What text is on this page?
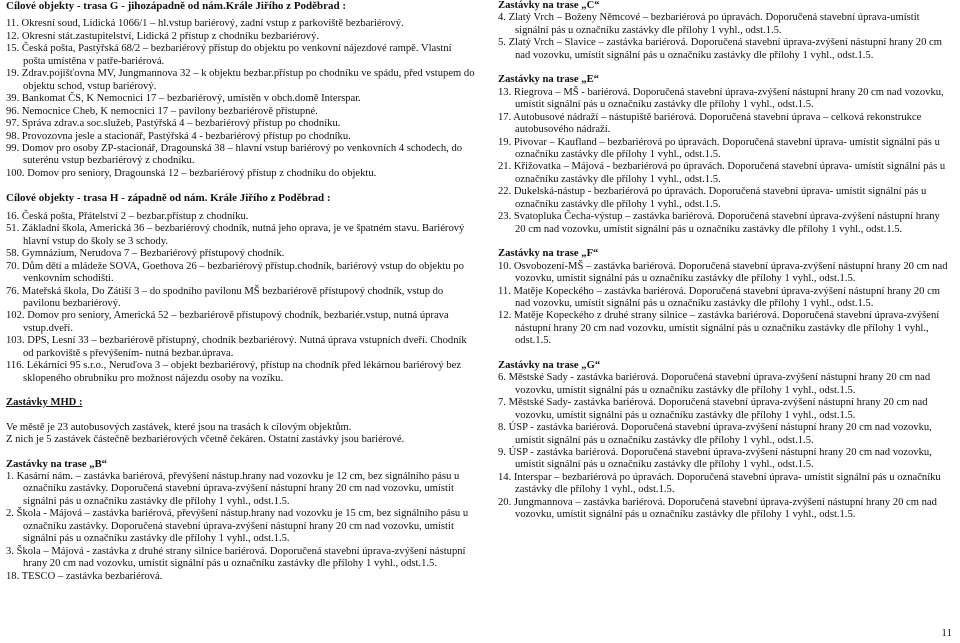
Cílové objekty - trasa G - jihozápadně od nám.Krále Jiřího z Poděbrad :
11. Okresní soud, Lidická 1066/1 – hl.vstup bariérový, zadní vstup z parkoviště bezbariérový.
12. Okresní stát.zastupitelství, Lidická 2 přístup z chodníku bezbariérový.
15. Česká pošta, Pastýřská 68/2 – bezbariérový přístup do objektu po venkovní nájezdové rampě. Vlastní pošta umístěna v patře-bariérová.
19. Zdrav.pojišťovna MV, Jungmannova 32 – k objektu bezbar.přístup po chodníku ve spádu, před vstupem do objektu schod, vstup bariérový.
39. Bankomat ČS, K Nemocnici 17 – bezbariérový, umístěn v obch.domě Interspar.
96. Nemocnice Cheb, K nemocnici 17 – pavilony bezbariérově přístupné.
97. Správa zdrav.a soc.služeb, Pastýřská 4 – bezbariérový přístup po chodníku.
98. Provozovna jesle a stacionář, Pastýřská 4 - bezbariérový přístup po chodníku.
99. Domov pro osoby ZP-stacionář, Dragounská 38 – hlavní vstup bariérový po venkovních 4 schodech, do suterénu vstup bezbariérový z chodníku.
100. Domov pro seniory, Dragounská 12 – bezbariérový přístup z chodníku do objektu.
Cílové objekty - trasa H - západně od nám. Krále Jiřího z Poděbrad :
16. Česká pošta, Přátelství 2 – bezbar.přístup z chodníku.
51. Základní škola, Americká 36 – bezbariérový chodník, nutná jeho oprava, je ve špatném stavu. Bariérový hlavní vstup do školy se 3 schody.
58. Gymnázium, Nerudova 7 – Bezbariérový přístupový chodník.
70. Dům dětí a mládeže SOVA, Goethova 26 – bezbariérový přístup.chodník, bariérový vstup do objektu po venkovním schodišti.
76. Mateřská škola, Do Zátiší 3 – do spodního pavilonu MŠ bezbariérově přístupový chodník, vstup do pavilonu bezbariérový.
102. Domov pro seniory, Americká 52 – bezbariérově přístupový chodník, bezbariér.vstup, nutná úprava vstup.dveří.
103. DPS, Lesní 33 – bezbariérově přístupný, chodník bezbariérový. Nutná úprava vstupních dveří. Chodník od parkoviště s převýšením- nutná bezbar.úprava.
116. Lékárníci 95 s.r.o., Neruďova 3 – objekt bezbariérový, přístup na chodník před lékárnou bariérový bez sklopeného obrubníku pro možnost nájezdu osoby na vozíku.
Zastávky MHD :
Ve městě je 23 autobusových zastávek, které jsou na trasách k cílovým objektům.
Z nich je 5 zastávek částečně bezbariérových včetně čekáren. Ostatní zastávky jsou bariérové.
Zastávky na trase „B“
1. Kasární nám. – zastávka bariérová, převýšení nástup.hrany nad vozovku je 12 cm, bez signálního pásu u označníku zastávky. Doporučená stavební úprava-zvýšení nástupní hrany 20 cm nad vozovku, umístit signální pás u označníku zastávky dle přílohy 1 vyhl., odst.1.5.
2. Škola - Májová – zastávka bariérová, převýšení nástup.hrany nad vozovku je 15 cm, bez signálního pásu u označníku zastávky. Doporučená stavební úprava-zvýšení nástupní hrany 20 cm nad vozovku, umístit signální pás u označníku zastávky dle přílohy 1 vyhl., odst.1.5.
3. Škola – Májová - zastávka z druhé strany silnice bariérová. Doporučená stavební úprava-zvýšení nástupní hrany 20 cm nad vozovku, umístit signální pás u označníku zastávky dle přílohy 1 vyhl., odst.1.5.
18. TESCO – zastávka bezbariérová.
Zastávky na trase „C“
4. Zlatý Vrch – Boženy Němcové – bezbariérová po úpravách. Doporučená stavební úprava-umístit signální pás u označníku zastávky dle přílohy 1 vyhl., odst.1.5.
5. Zlatý Vrch – Slavice – zastávka bariérová. Doporučená stavební úprava-zvýšení nástupní hrany 20 cm nad vozovku, umístit signální pás u označníku zastávky dle přílohy 1 vyhl., odst.1.5.
Zastávky na trase „E“
13. Riegrova – MŠ - bariérová. Doporučená stavební úprava-zvýšení nástupní hrany 20 cm nad vozovku, umístit signální pás u označníku zastávky dle přílohy 1 vyhl., odst.1.5.
17. Autobusové nádraží – nástupiště bariérová. Doporučená stavební úprava – celková rekonstrukce autobusového nádraží.
19. Pivovar – Kaufland – bezbariérová po úpravách. Doporučená stavební úprava- umístit signální pás u označníku zastávky dle přílohy 1 vyhl., odst.1.5.
21. Křižovatka – Májová - bezbariérová po úpravách. Doporučená stavební úprava- umístit signální pás u označníku zastávky dle přílohy 1 vyhl., odst.1.5.
22. Dukelská-nástup - bezbariérová po úpravách. Doporučená stavební úprava- umístit signální pás u označníku zastávky dle přílohy 1 vyhl., odst.1.5.
23. Svatopluka Čecha-výstup – zastávka bariérová. Doporučená stavební úprava-zvýšení nástupní hrany 20 cm nad vozovku, umístit signální pás u označníku zastávky dle přílohy 1 vyhl., odst.1.5.
Zastávky na trase „F“
10. Osvobození-MŠ – zastávka bariérová. Doporučená stavební úprava-zvýšení nástupní hrany 20 cm nad vozovku, umístit signální pás u označníku zastávky dle přílohy 1 vyhl., odst.1.5.
11. Matěje Kopeckého – zastávka bariérová. Doporučená stavební úprava-zvýšení nástupní hrany 20 cm nad vozovku, umístit signální pás u označníku zastávky dle přílohy 1 vyhl., odst.1.5.
12. Matěje Kopeckého z druhé strany silnice – zastávka bariérová. Doporučená stavební úprava-zvýšení nástupní hrany 20 cm nad vozovku, umístit signální pás u označníku zastávky dle přílohy 1 vyhl., odst.1.5.
Zastávky na trase „G“
6. Městské Sady - zastávka bariérová. Doporučená stavební úprava-zvýšení nástupní hrany 20 cm nad vozovku, umístit signální pás u označníku zastávky dle přílohy 1 vyhl., odst.1.5.
7. Městské Sady- zastávka bariérová. Doporučená stavební úprava-zvýšení nástupní hrany 20 cm nad vozovku, umístit signální pás u označníku zastávky dle přílohy 1 vyhl., odst.1.5.
8. ÚSP - zastávka bariérová. Doporučená stavební úprava-zvýšení nástupní hrany 20 cm nad vozovku, umístit signální pás u označníku zastávky dle přílohy 1 vyhl., odst.1.5.
9. ÚSP - zastávka bariérová. Doporučená stavební úprava-zvýšení nástupní hrany 20 cm nad vozovku, umístit signální pás u označníku zastávky dle přílohy 1 vyhl., odst.1.5.
14. Interspar – bezbariérová po úpravách. Doporučená stavební úprava- umístit signální pás u označníku zastávky dle přílohy 1 vyhl., odst.1.5.
20. Jungmannova – zastávka bariérová. Doporučená stavební úprava-zvýšení nástupní hrany 20 cm nad vozovku, umístit signální pás u označníku zastávky dle přílohy 1 vyhl., odst.1.5.
11
